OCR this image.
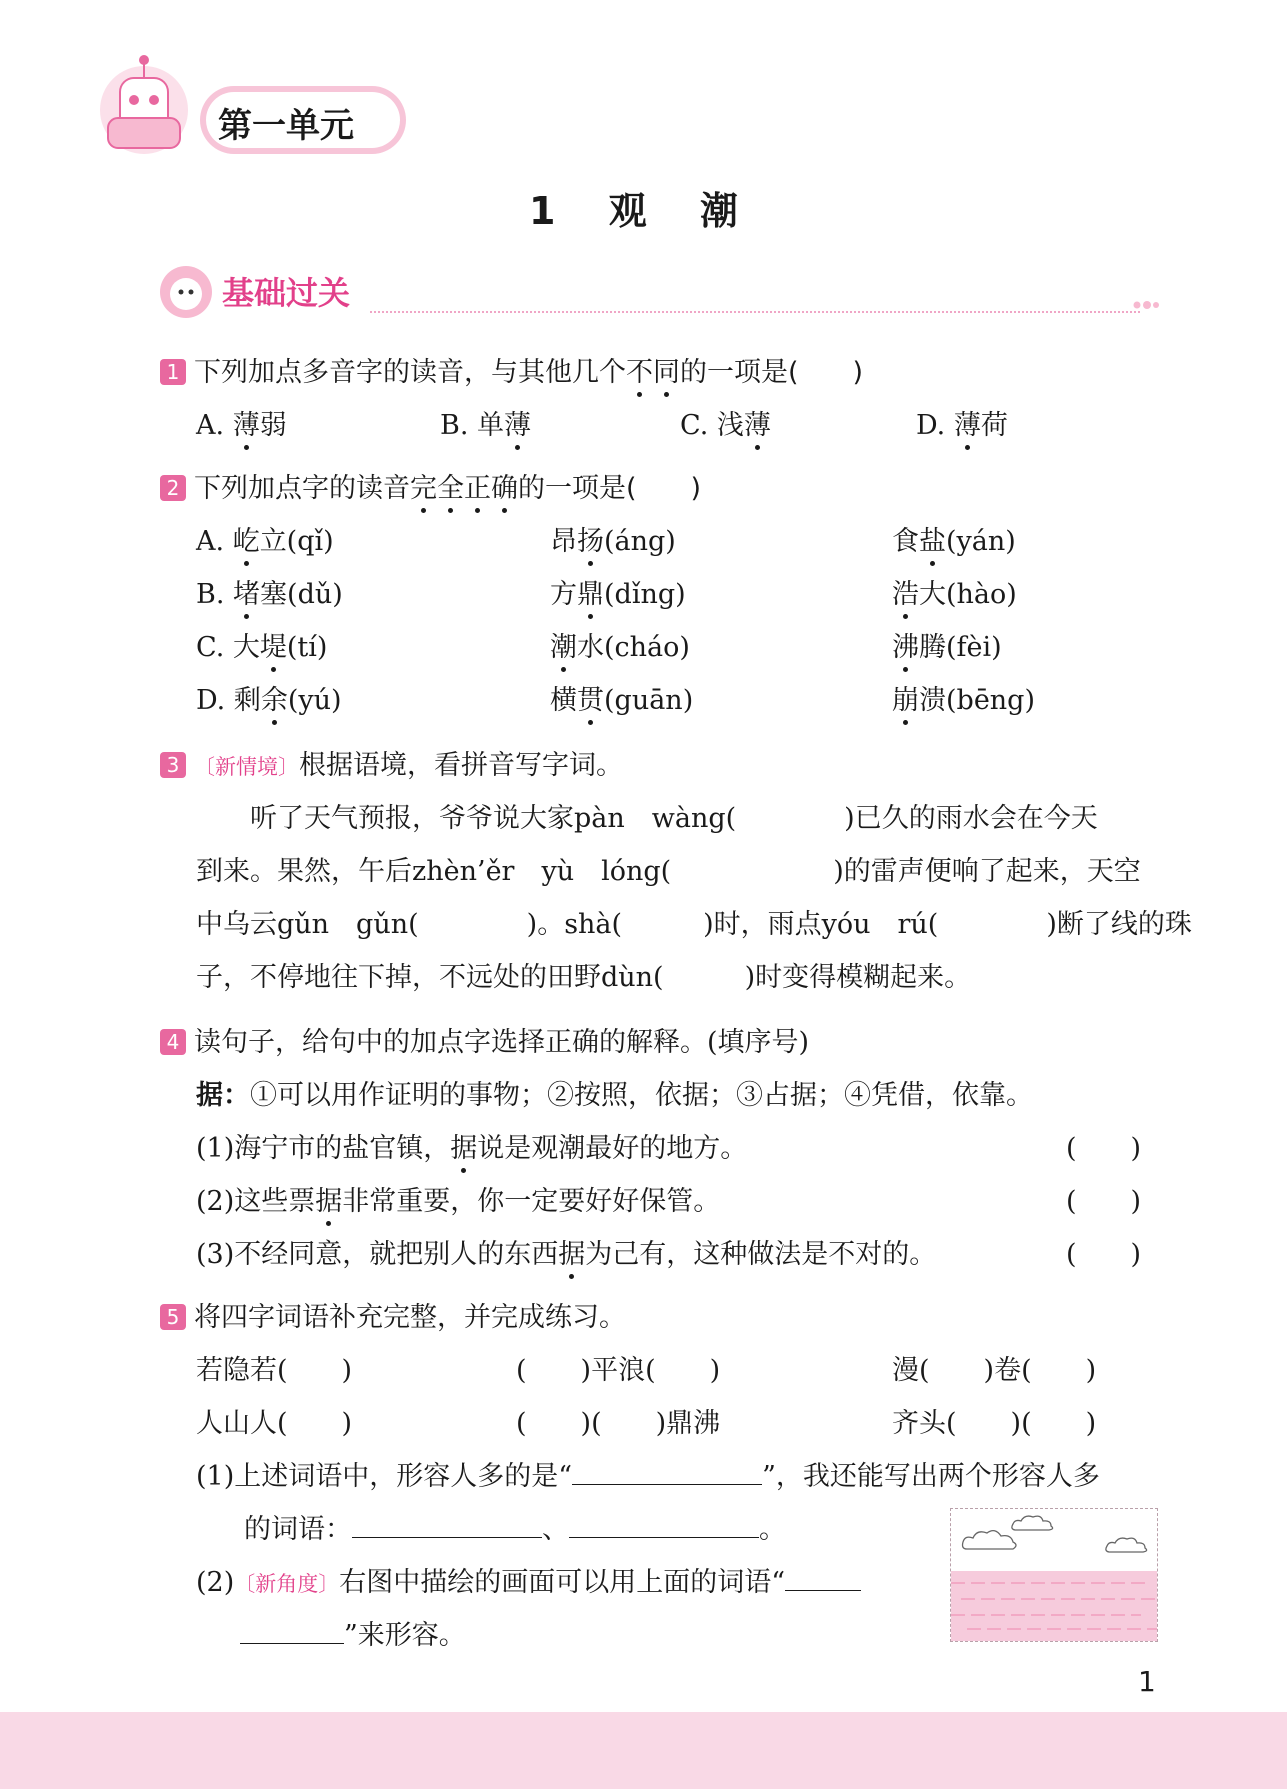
第一单元
1 观 潮
基础过关
1 下列加点多音字的读音，与其他几个不同的一项是(　　)
A. 薄弱	B. 单薄	C. 浅薄	D. 薄荷
2 下列加点字的读音完全正确的一项是(　　)
A. 屹立(qǐ)	昂扬(áng)	食盐(yán)
B. 堵塞(dǔ)	方鼎(dǐng)	浩大(hào)
C. 大堤(tí)	潮水(cháo)	沸腾(fèi)
D. 剩余(yú)	横贯(guān)	崩溃(bēng)
3 〔新情境〕根据语境，看拼音写字词。
　　听了天气预报，爷爷说大家pàn　wàng(　　　　)已久的雨水会在今天
到来。果然，午后zhèn’ěr　yù　lóng(　　　　　　)的雷声便响了起来，天空
中乌云gǔn　gǔn(　　　　)。shà(　　　)时，雨点yóu　rú(　　　　)断了线的珠
子，不停地往下掉，不远处的田野dùn(　　　)时变得模糊起来。
4 读句子，给句中的加点字选择正确的解释。(填序号)
据：①可以用作证明的事物；②按照，依据；③占据；④凭借，依靠。
(1)海宁市的盐官镇，据说是观潮最好的地方。	(　　)
(2)这些票据非常重要，你一定要好好保管。	(　　)
(3)不经同意，就把别人的东西据为己有，这种做法是不对的。	(　　)
5 将四字词语补充完整，并完成练习。
若隐若(　　)	(　　)平浪(　　)	漫(　　)卷(　　)
人山人(　　)	(　　)(　　)鼎沸	齐头(　　)(　　)
(1)上述词语中，形容人多的是“	”，我还能写出两个形容人多
的词语：	、	。
(2)〔新角度〕右图中描绘的画面可以用上面的词语“
”来形容。
1
